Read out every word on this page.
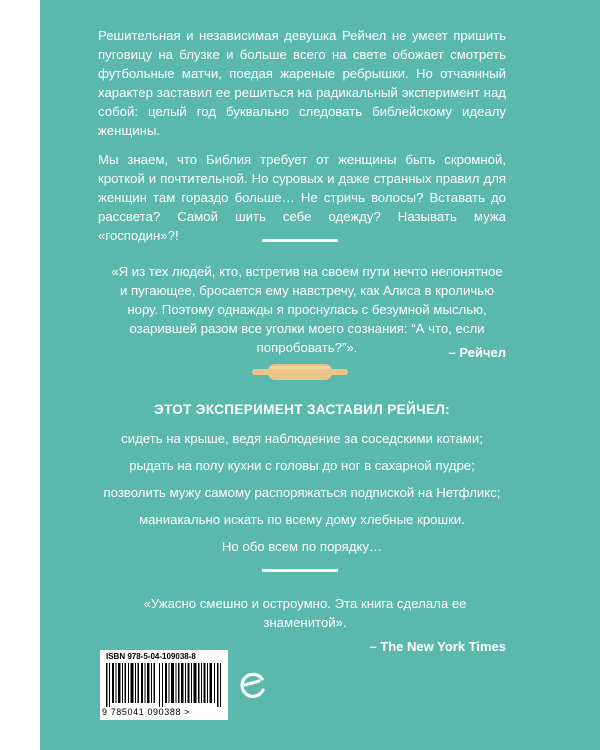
Решительная и независимая девушка Рейчел не умеет пришить пуговицу на блузке и больше всего на свете обожает смотреть футбольные матчи, поедая жареные ребрышки. Но отчаянный характер заставил ее решиться на радикальный эксперимент над собой: целый год буквально следовать библейскому идеалу женщины.
Мы знаем, что Библия требует от женщины быть скромной, кроткой и почтительной. Но суровых и даже странных правил для женщин там гораздо больше… Не стричь волосы? Вставать до рассвета? Самой шить себе одежду? Называть мужа «господин»?!
«Я из тех людей, кто, встретив на своем пути нечто непонятное и пугающее, бросается ему навстречу, как Алиса в кроличью нору. Поэтому однажды я проснулась с безумной мыслью, озарившей разом все уголки моего сознания: “А что, если попробовать?”».	– Рейчел
ЭТОТ ЭКСПЕРИМЕНТ ЗАСТАВИЛ РЕЙЧЕЛ:
сидеть на крыше, ведя наблюдение за соседскими котами;
рыдать на полу кухни с головы до ног в сахарной пудре;
позволить мужу самому распоряжаться подпиской на Нетфликс;
маниакально искать по всему дому хлебные крошки.
Но обо всем по порядку…
«Ужасно смешно и остроумно. Эта книга сделала ее знаменитой».
– The New York Times
ISBN 978-5-04-109038-8
9 785041 090388 >
